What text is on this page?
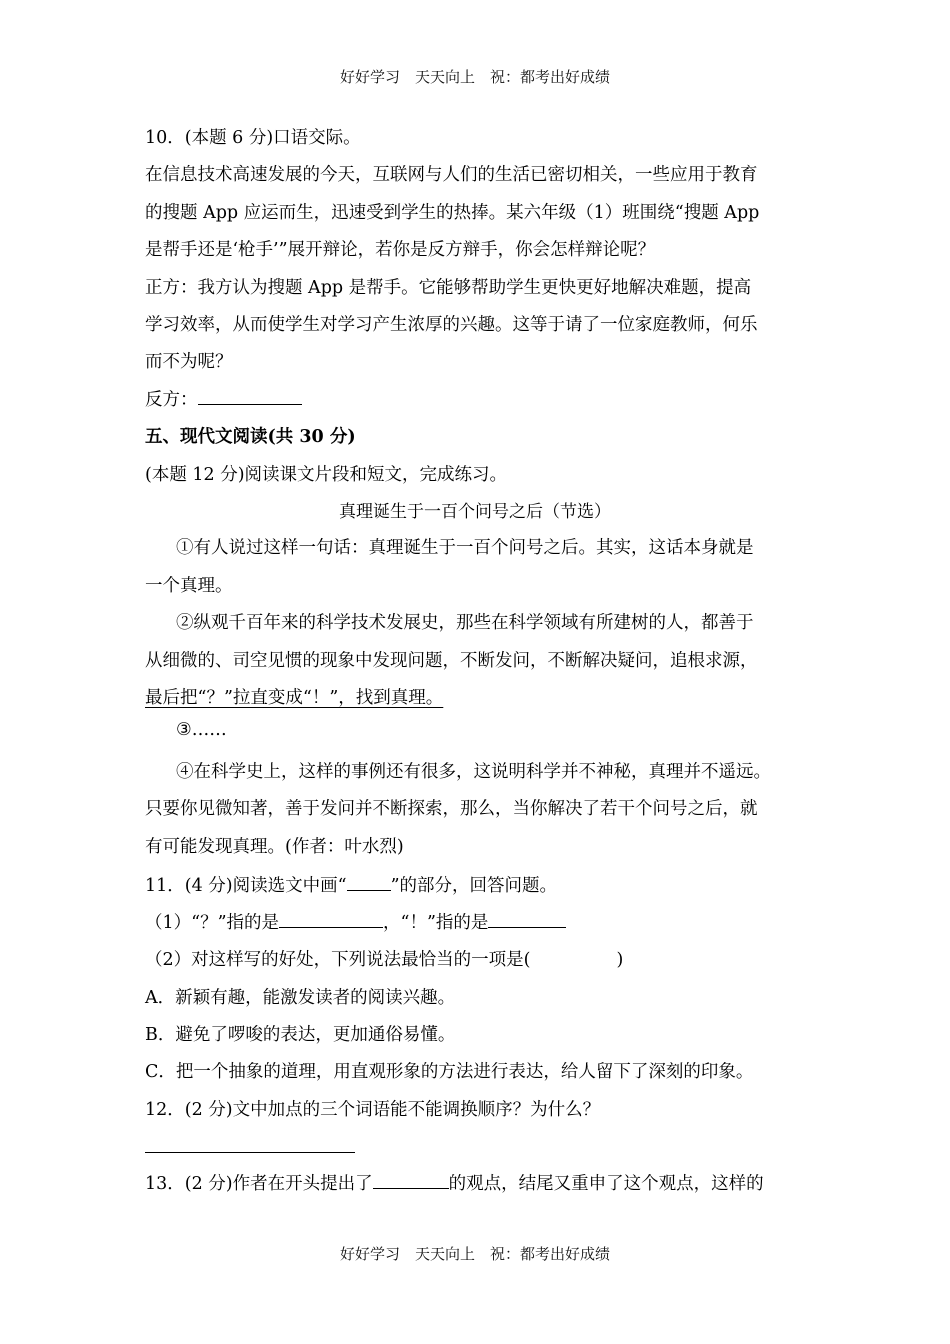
好好学习　天天向上　祝：都考出好成绩
10．(本题 6 分)口语交际。
在信息技术高速发展的今天，互联网与人们的生活已密切相关，一些应用于教育
的搜题 App 应运而生，迅速受到学生的热捧。某六年级（1）班围绕“搜题 App
是帮手还是‘枪手’”展开辩论，若你是反方辩手，你会怎样辩论呢？
正方：我方认为搜题 App 是帮手。它能够帮助学生更快更好地解决难题，提高
学习效率，从而使学生对学习产生浓厚的兴趣。这等于请了一位家庭教师，何乐
而不为呢？
反方：
五、现代文阅读(共 30 分)
(本题 12 分)阅读课文片段和短文，完成练习。
真理诞生于一百个问号之后（节选）
①有人说过这样一句话：真理诞生于一百个问号之后。其实，这话本身就是
一个真理。
②纵观千百年来的科学技术发展史，那些在科学领域有所建树的人，都善于
从细微的、司空见惯的现象中发现问题，不断发问，不断解决疑问，追根求源，
最后把“？”拉直变成“！”，找到真理。
③……
④在科学史上，这样的事例还有很多，这说明科学并不神秘，真理并不遥远。
只要你见微知著，善于发问并不断探索，那么，当你解决了若干个问号之后，就
有可能发现真理。(作者：叶水烈)
11．(4 分)阅读选文中画“	”的部分，回答问题。
（1）“？”指的是	，“！”指的是
（2）对这样写的好处，下列说法最恰当的一项是(	)
A．新颖有趣，能激发读者的阅读兴趣。
B．避免了啰唆的表达，更加通俗易懂。
C．把一个抽象的道理，用直观形象的方法进行表达，给人留下了深刻的印象。
12．(2 分)文中加点的三个词语能不能调换顺序？为什么？
13．(2 分)作者在开头提出了	的观点，结尾又重申了这个观点，这样的
好好学习　天天向上　祝：都考出好成绩
